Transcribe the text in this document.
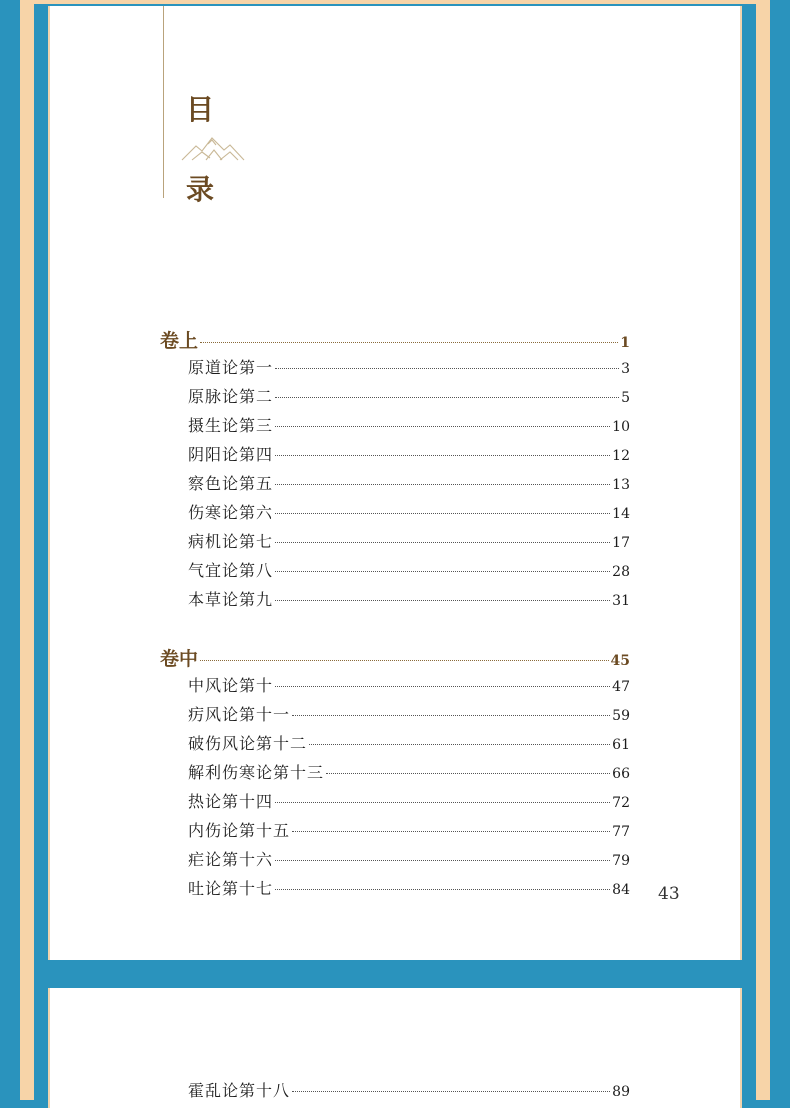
目
录
卷上	1
原道论第一	3
原脉论第二	5
摄生论第三	10
阴阳论第四	12
察色论第五	13
伤寒论第六	14
病机论第七	17
气宜论第八	28
本草论第九	31
卷中	45
中风论第十	47
疠风论第十一	59
破伤风论第十二	61
解利伤寒论第十三	66
热论第十四	72
内伤论第十五	77
疟论第十六	79
吐论第十七	84 43
霍乱论第十八	89
